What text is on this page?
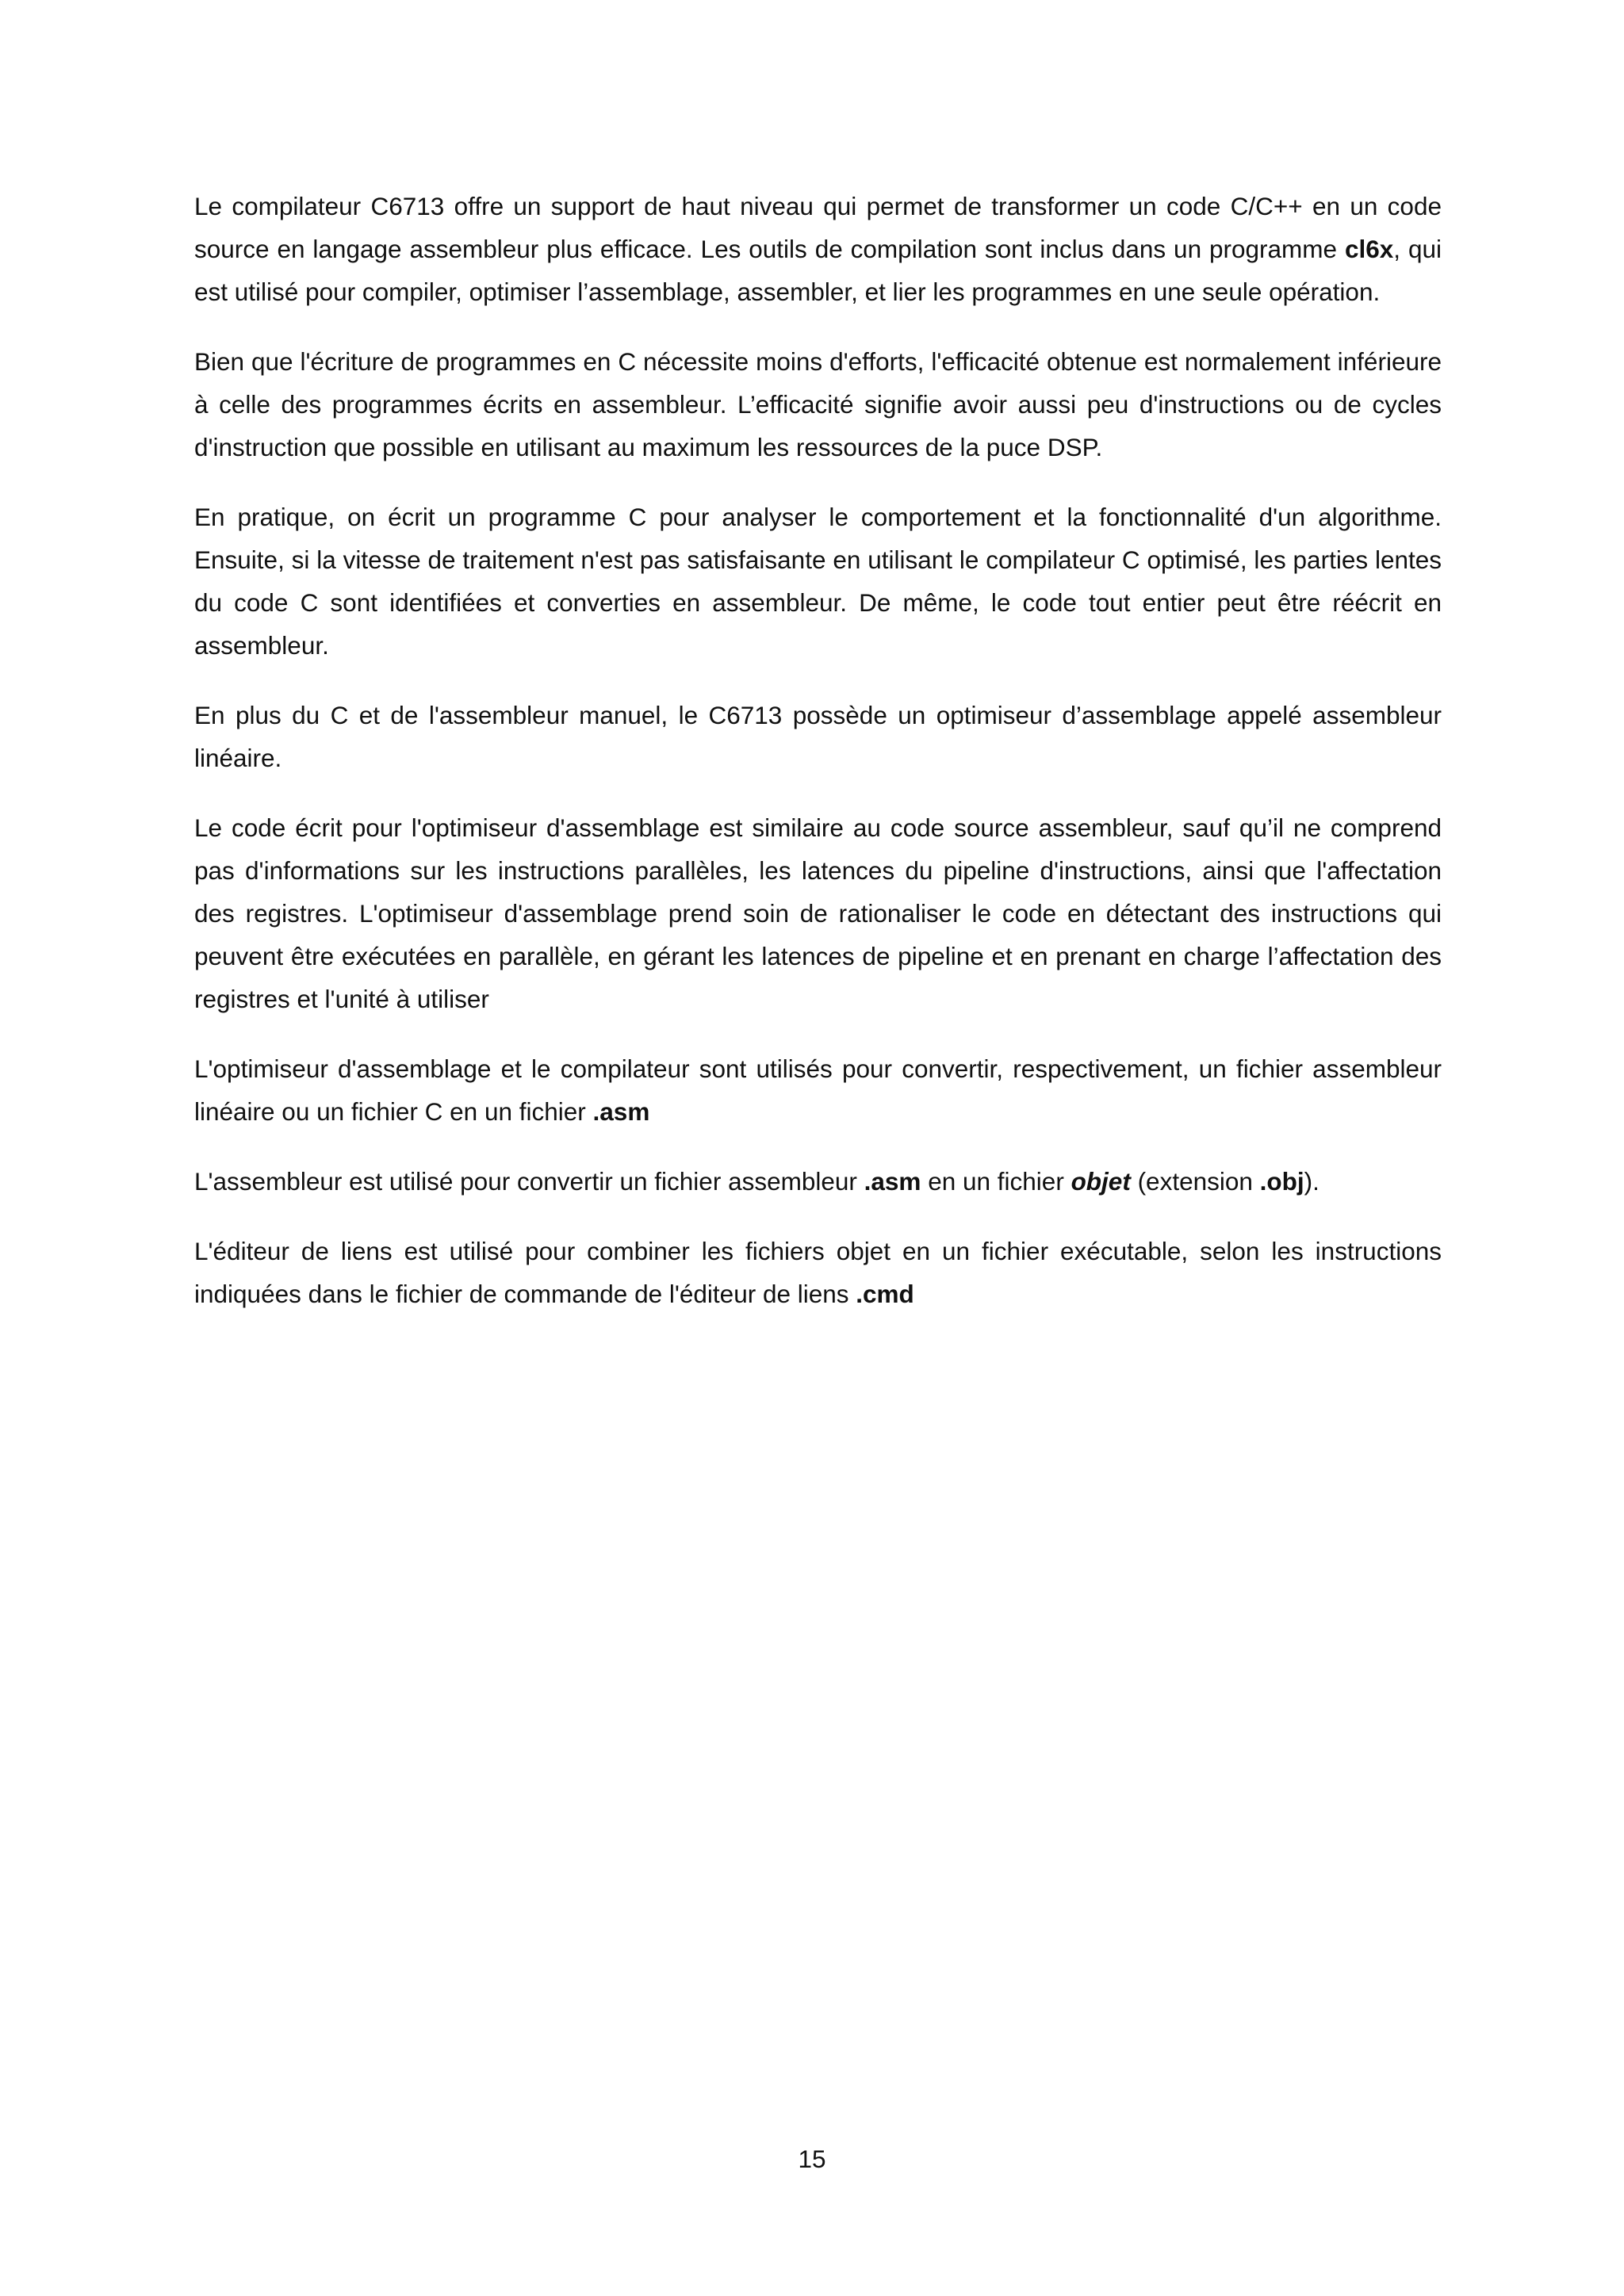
Le compilateur C6713 offre un support de haut niveau qui permet de transformer un code C/C++ en un code source en langage assembleur plus efficace. Les outils de compilation sont inclus dans un programme cl6x, qui est utilisé pour compiler, optimiser l’assemblage, assembler, et lier les programmes en une seule opération.

Bien que l'écriture de programmes en C nécessite moins d'efforts, l'efficacité obtenue est normalement inférieure à celle des programmes écrits en assembleur. L’efficacité signifie avoir aussi peu d'instructions ou de cycles d'instruction que possible en utilisant au maximum les ressources de la puce DSP.

En pratique, on écrit un programme C pour analyser le comportement et la fonctionnalité d'un algorithme. Ensuite, si la vitesse de traitement n'est pas satisfaisante en utilisant le compilateur C optimisé, les parties lentes du code C sont identifiées et converties en assembleur. De même, le code tout entier peut être réécrit en assembleur.

En plus du C et de l'assembleur manuel, le C6713 possède un optimiseur d’assemblage appelé assembleur linéaire.

Le code écrit pour l'optimiseur d'assemblage est similaire au code source assembleur, sauf qu’il ne comprend pas d'informations sur les instructions parallèles, les latences du pipeline d'instructions, ainsi que l'affectation des registres. L'optimiseur d'assemblage prend soin de rationaliser le code en détectant des instructions qui peuvent être exécutées en parallèle, en gérant les latences de pipeline et en prenant en charge l’affectation des registres et l'unité à utiliser

L'optimiseur d'assemblage et le compilateur sont utilisés pour convertir, respectivement, un fichier assembleur linéaire ou un fichier C en un fichier .asm

L'assembleur est utilisé pour convertir un fichier assembleur .asm en un fichier objet (extension .obj).

L'éditeur de liens est utilisé pour combiner les fichiers objet en un fichier exécutable, selon les instructions indiquées dans le fichier de commande de l'éditeur de liens .cmd

15
